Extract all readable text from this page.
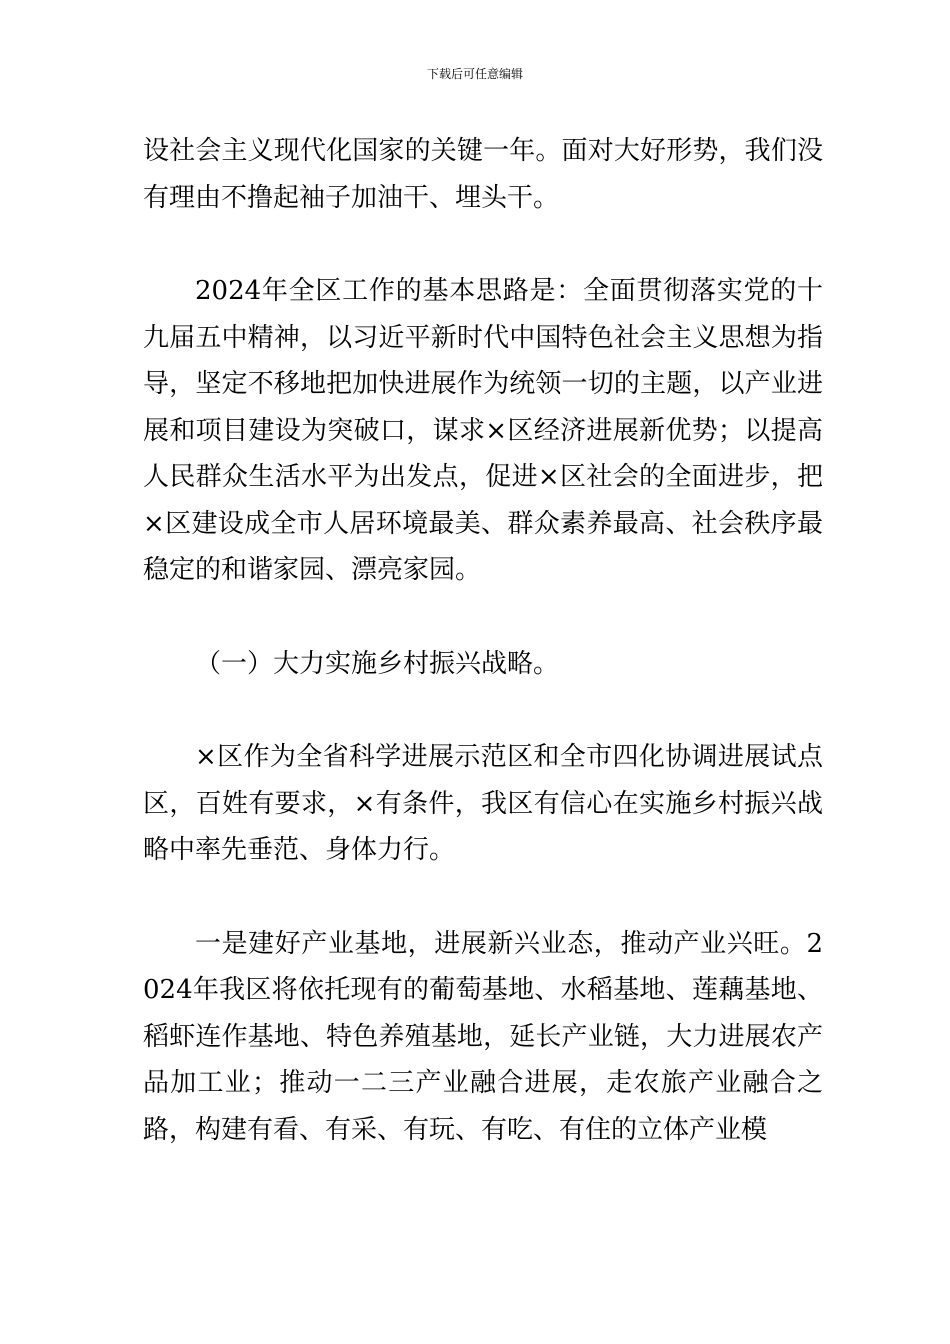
下载后可任意编辑

设社会主义现代化国家的关键一年。面对大好形势，我们没有理由不撸起袖子加油干、埋头干。

2024年全区工作的基本思路是：全面贯彻落实党的十九届五中精神，以习近平新时代中国特色社会主义思想为指导，坚定不移地把加快进展作为统领一切的主题，以产业进展和项目建设为突破口，谋求×区经济进展新优势；以提高人民群众生活水平为出发点，促进×区社会的全面进步，把×区建设成全市人居环境最美、群众素养最高、社会秩序最稳定的和谐家园、漂亮家园。

（一）大力实施乡村振兴战略。

×区作为全省科学进展示范区和全市四化协调进展试点区，百姓有要求，×有条件，我区有信心在实施乡村振兴战略中率先垂范、身体力行。

一是建好产业基地，进展新兴业态，推动产业兴旺。2024年我区将依托现有的葡萄基地、水稻基地、莲藕基地、稻虾连作基地、特色养殖基地，延长产业链，大力进展农产品加工业；推动一二三产业融合进展，走农旅产业融合之路，构建有看、有采、有玩、有吃、有住的立体产业模
